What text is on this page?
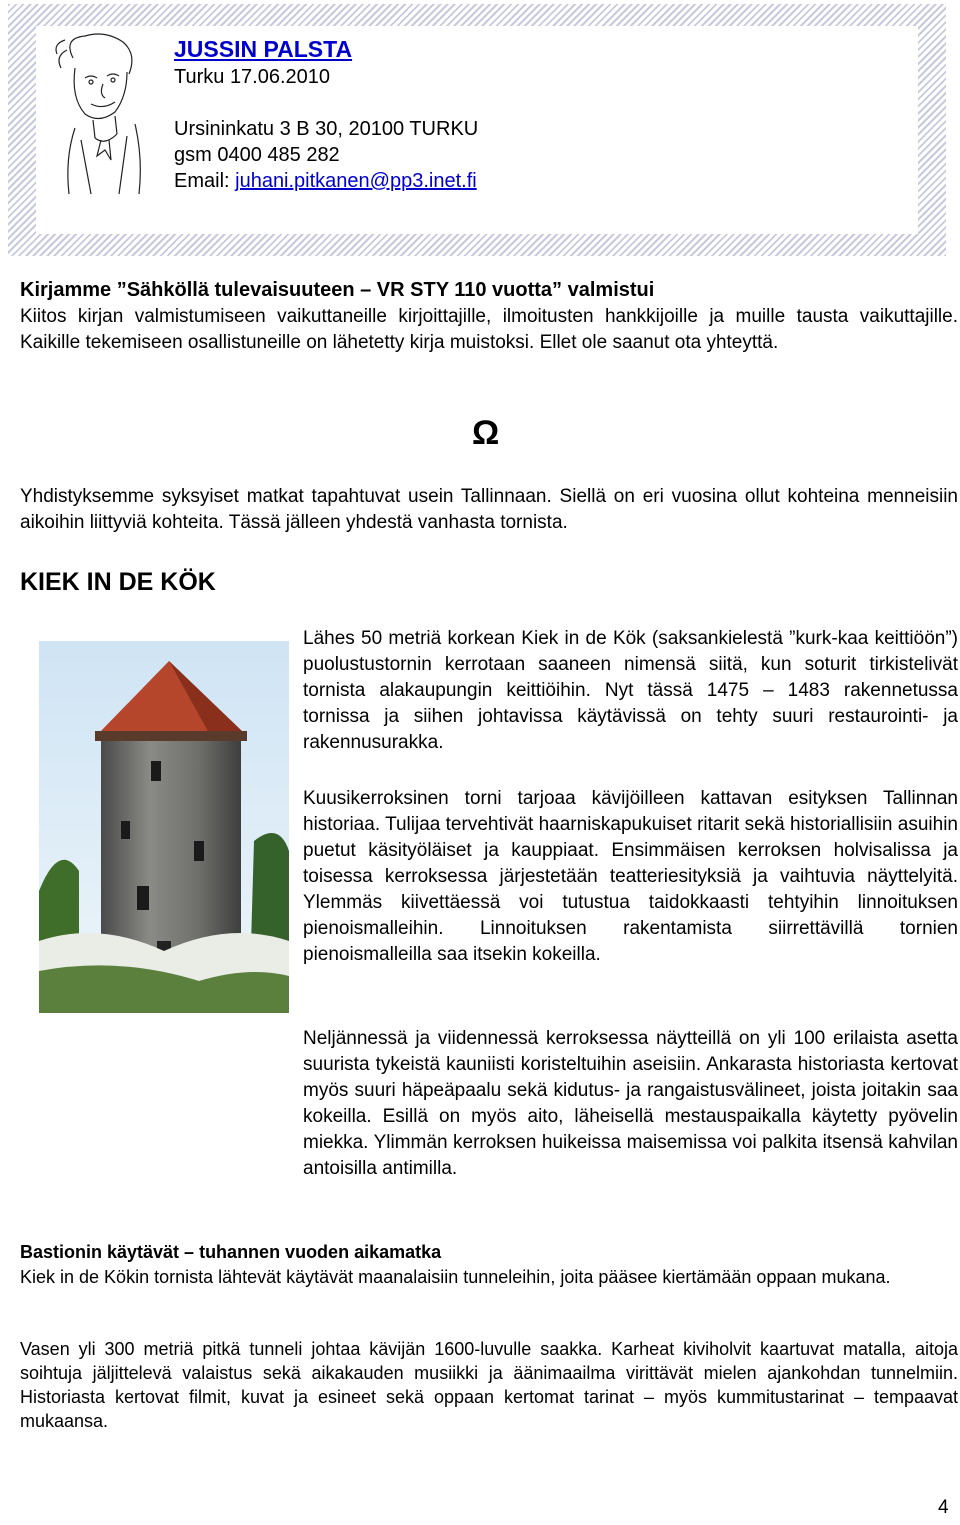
JUSSIN PALSTA
Turku 17.06.2010
Ursininkatu 3 B 30, 20100 TURKU
gsm 0400 485 282
Email: juhani.pitkanen@pp3.inet.fi
Kirjamme ”Sähköllä tulevaisuuteen – VR STY 110 vuotta” valmistui
Kiitos kirjan valmistumiseen vaikuttaneille kirjoittajille, ilmoitusten hankkijoille ja muille tausta vaikuttajille. Kaikille tekemiseen osallistuneille on lähetetty kirja muistoksi. Ellet ole saanut ota yhteyttä.
Ω
Yhdistyksemme syksyiset matkat tapahtuvat usein Tallinnaan. Siellä on eri vuosina ollut kohteina menneisiin aikoihin liittyviä kohteita. Tässä jälleen yhdestä vanhasta tornista.
KIEK IN DE KÖK
Lähes 50 metriä korkean Kiek in de Kök (saksankielestä ”kurk-kaa keittiöön”) puolustustornin kerrotaan saaneen nimensä siitä, kun soturit tirkistelivät tornista alakaupungin keittiöihin. Nyt tässä 1475 – 1483 rakennetussa tornissa ja siihen johtavissa käytävissä on tehty suuri restaurointi- ja rakennusurakka.
Kuusikerroksinen torni tarjoaa kävijöilleen kattavan esityksen Tallinnan historiaa. Tulijaa tervehtivät haarniskapukuiset ritarit sekä historiallisiin asuihin puetut käsityöläiset ja kauppiaat. Ensimmäisen kerroksen holvisalissa ja toisessa kerroksessa järjestetään teatteriesityksiä ja vaihtuvia näyttelyitä. Ylemmäs kiivettäessä voi tutustua taidokkaasti tehtyihin linnoituksen pienoismalleihin. Linnoituksen rakentamista siirrettävillä tornien pienoismalleilla saa itsekin kokeilla.
Neljännessä ja viidennessä kerroksessa näytteillä on yli 100 erilaista asetta suurista tykeistä kauniisti koristeltuihin aseisiin. Ankarasta historiasta kertovat myös suuri häpeäpaalu sekä kidutus- ja rangaistusvälineet, joista joitakin saa kokeilla. Esillä on myös aito, läheisellä mestauspaikalla käytetty pyövelin miekka. Ylimmän kerroksen huikeissa maisemissa voi palkita itsensä kahvilan antoisilla antimilla.
Bastionin käytävät – tuhannen vuoden aikamatka
Kiek in de Kökin tornista lähtevät käytävät maanalaisiin tunneleihin, joita pääsee kiertämään oppaan mukana.
Vasen yli 300 metriä pitkä tunneli johtaa kävijän 1600-luvulle saakka. Karheat kiviholvit kaartuvat matalla, aitoja soihtuja jäljittelevä valaistus sekä aikakauden musiikki ja äänimaailma virittävät mielen ajankohdan tunnelmiin. Historiasta kertovat filmit, kuvat ja esineet sekä oppaan kertomat tarinat – myös kummitustarinat – tempaavat mukaansa.
4
